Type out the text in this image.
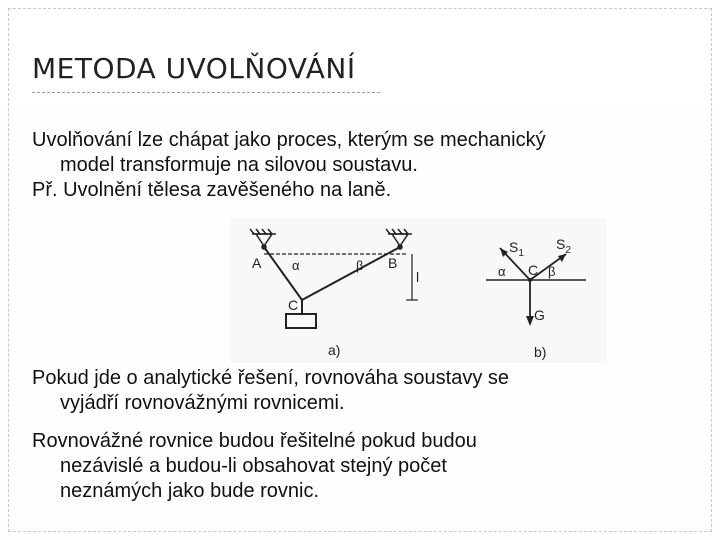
METODA UVOLŇOVÁNÍ
Uvolňování lze chápat jako proces, kterým se mechanický
model transformuje na silovou soustavu.
Př. Uvolnění tělesa zavěšeného na laně.
A α	β B
l
C
a)
$S_1$
$S_2$
α C β
G
b)
Pokud jde o analytické řešení, rovnováha soustavy se
vyjádří rovnovážnými rovnicemi.
Rovnovážné rovnice budou řešitelné pokud budou
nezávislé a budou-li obsahovat stejný počet
neznámých jako bude rovnic.
